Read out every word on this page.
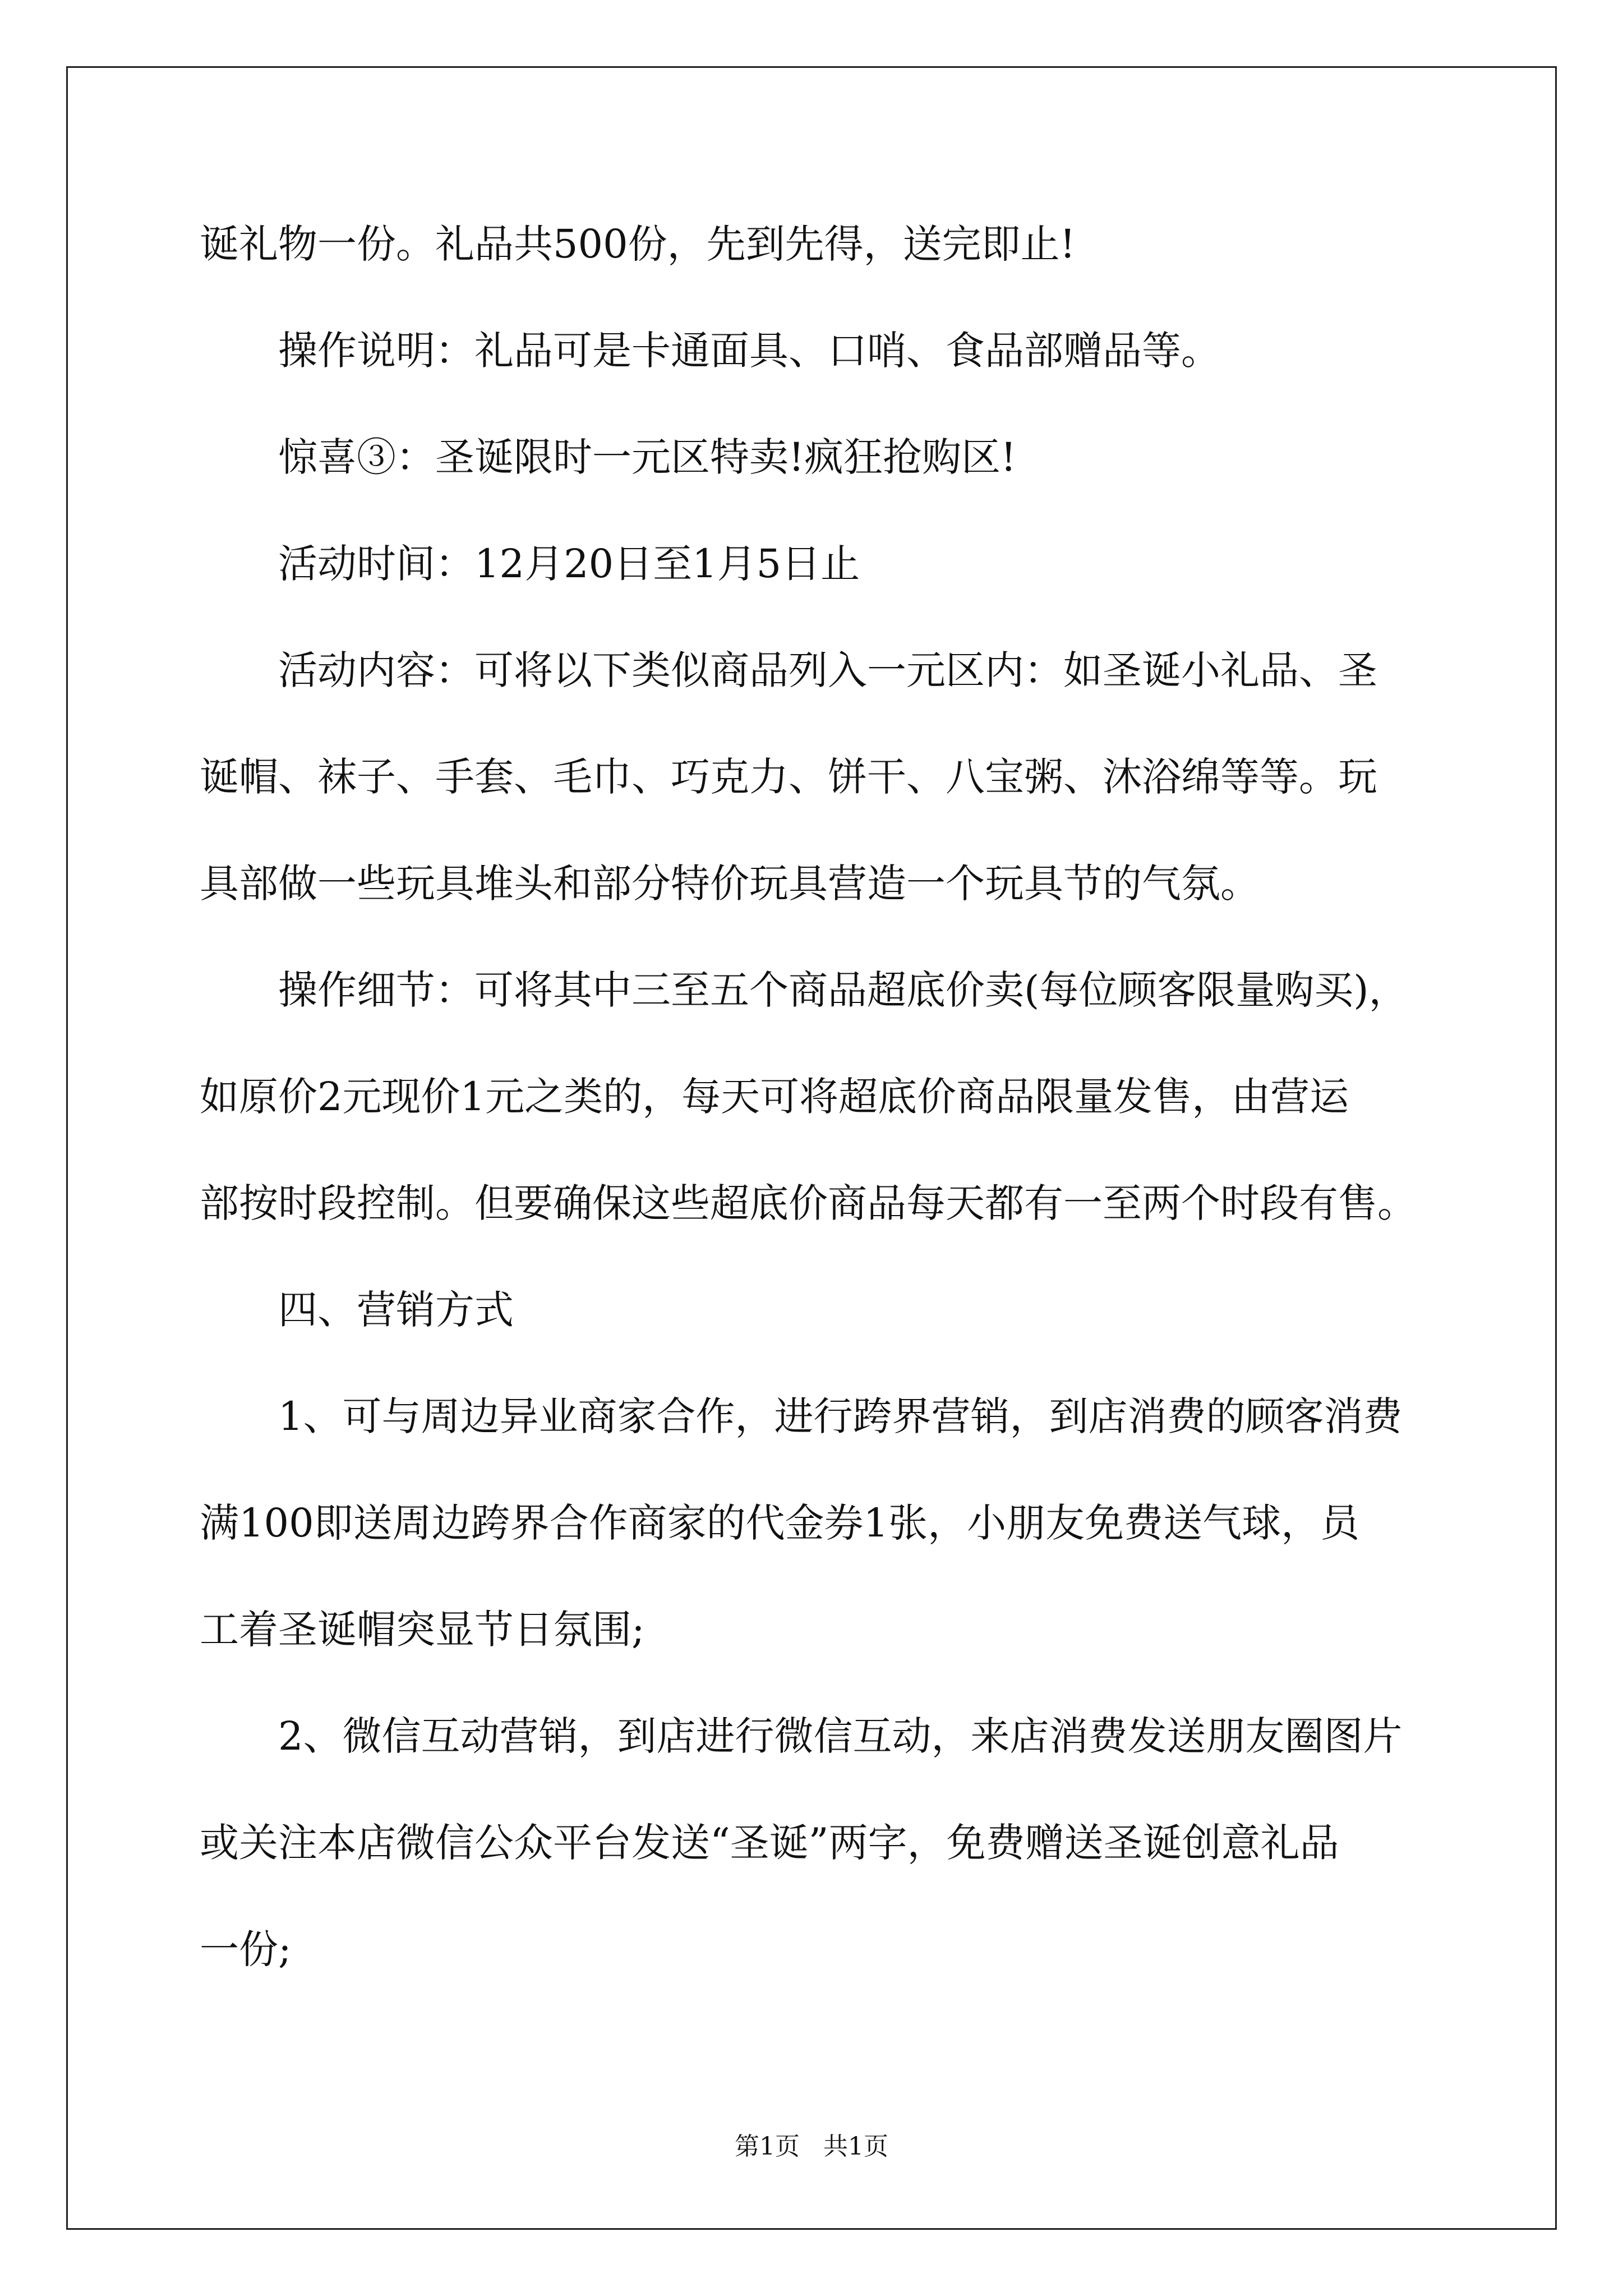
诞礼物一份。礼品共500份，先到先得，送完即止!
操作说明：礼品可是卡通面具、口哨、食品部赠品等。
惊喜③：圣诞限时一元区特卖!疯狂抢购区!
活动时间：12月20日至1月5日止
活动内容：可将以下类似商品列入一元区内：如圣诞小礼品、圣
诞帽、袜子、手套、毛巾、巧克力、饼干、八宝粥、沐浴绵等等。玩
具部做一些玩具堆头和部分特价玩具营造一个玩具节的气氛。
操作细节：可将其中三至五个商品超底价卖(每位顾客限量购买)，
如原价2元现价1元之类的，每天可将超底价商品限量发售，由营运
部按时段控制。但要确保这些超底价商品每天都有一至两个时段有售。
四、营销方式
1、可与周边异业商家合作，进行跨界营销，到店消费的顾客消费
满100即送周边跨界合作商家的代金券1张，小朋友免费送气球，员
工着圣诞帽突显节日氛围;
2、微信互动营销，到店进行微信互动，来店消费发送朋友圈图片
或关注本店微信公众平台发送“圣诞”两字，免费赠送圣诞创意礼品
一份;
第1页   共1页
